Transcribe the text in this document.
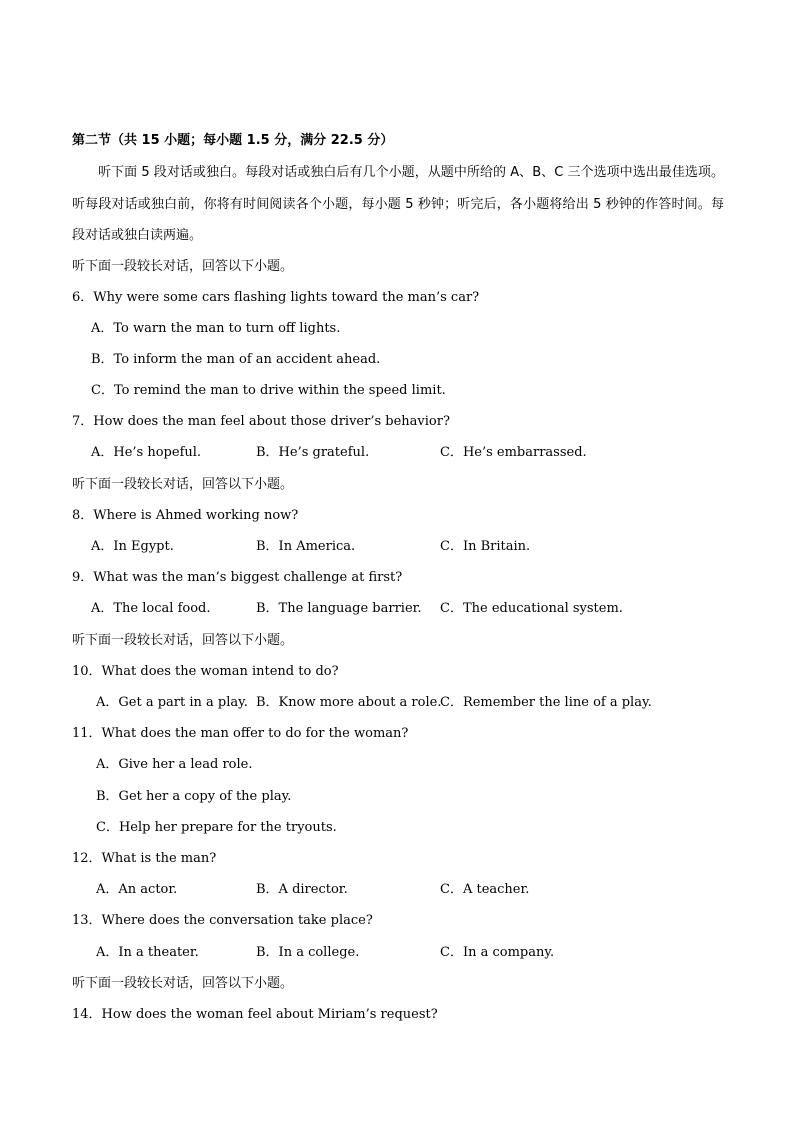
第二节（共 15 小题；每小题 1.5 分，满分 22.5 分）
听下面 5 段对话或独白。每段对话或独白后有几个小题，从题中所给的 A、B、C 三个选项中选出最佳选项。听每段对话或独白前，你将有时间阅读各个小题，每小题 5 秒钟；听完后，各小题将给出 5 秒钟的作答时间。每段对话或独白读两遍。
听下面一段较长对话，回答以下小题。
6．Why were some cars flashing lights toward the man’s car?
A．To warn the man to turn off lights.
B．To inform the man of an accident ahead.
C．To remind the man to drive within the speed limit.
7．How does the man feel about those driver’s behavior?
A．He’s hopeful.	B．He’s grateful.	C．He’s embarrassed.
听下面一段较长对话，回答以下小题。
8．Where is Ahmed working now?
A．In Egypt.	B．In America.	C．In Britain.
9．What was the man’s biggest challenge at first?
A．The local food.	B．The language barrier. C．The educational system.
听下面一段较长对话，回答以下小题。
10．What does the woman intend to do?
A．Get a part in a play. B．Know more about a role.
C．Remember the line of a play.
11．What does the man offer to do for the woman?
A．Give her a lead role.
B．Get her a copy of the play.
C．Help her prepare for the tryouts.
12．What is the man?
A．An actor.	B．A director.	C．A teacher.
13．Where does the conversation take place?
A．In a theater.	B．In a college.	C．In a company.
听下面一段较长对话，回答以下小题。
14．How does the woman feel about Miriam’s request?
